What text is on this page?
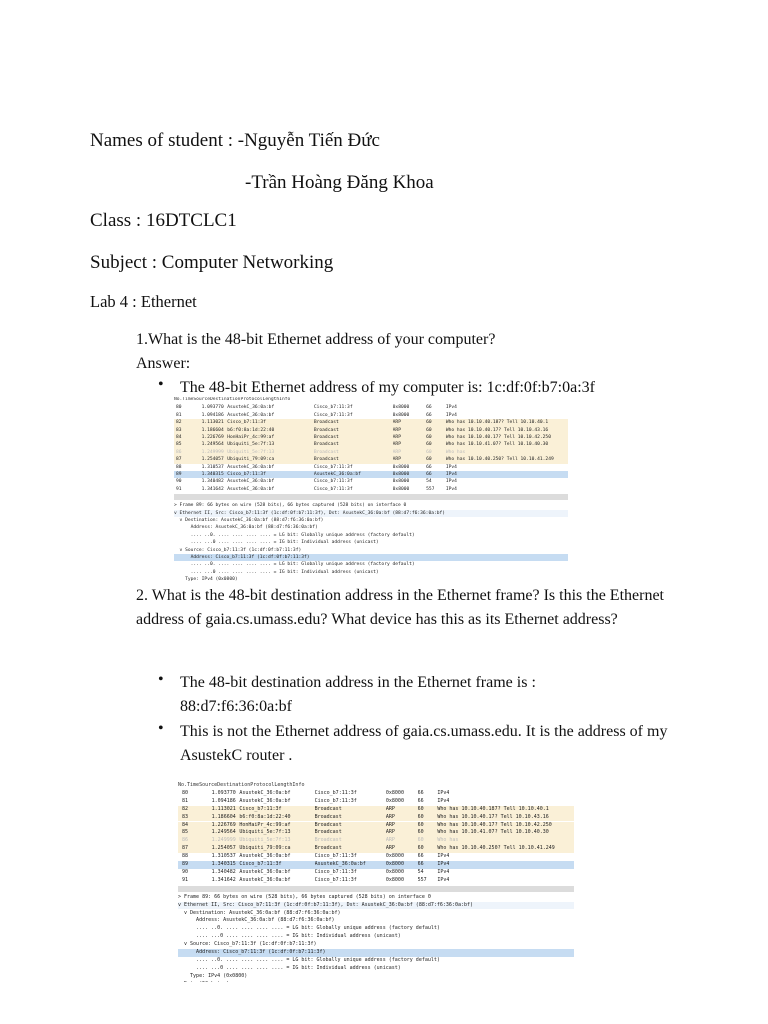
Names of student : -Nguyễn Tiến Đức
-Trần Hoàng Đăng Khoa
Class : 16DTCLC1
Subject : Computer Networking
Lab 4 : Ethernet
1.What is the 48-bit Ethernet address of your computer?
Answer:
• The 48-bit Ethernet address of my computer is: 1c:df:0f:b7:0a:3f
No.TimeSourceDestinationProtocolLengthInfo
80	1.093770 AsustekC_36:0a:bf	Cisco_b7:11:3f	0x8000	66	IPv4
81	1.094186 AsustekC_36:0a:bf	Cisco_b7:11:3f	0x8000	66	IPv4
82	1.113021 Cisco_b7:11:3f	Broadcast	ARP	60	Who has 10.10.40.187? Tell 10.10.40.1
83	1.186604 b6:f0:8a:1d:22:40	Broadcast	ARP	60	Who has 10.10.40.17? Tell 10.10.43.16
84	1.226769 HonHaiPr_4c:99:af	Broadcast	ARP	60	Who has 10.10.40.17? Tell 10.10.42.250
85	1.249564 Ubiquiti_5e:7f:13	Broadcast	ARP	60	Who has 10.10.41.07? Tell 10.10.40.30
86	1.249999 Ubiquiti_5e:7f:13	Broadcast	ARP	60	Who has
87	1.254057 Ubiquiti_79:09:ca	Broadcast	ARP	60	Who has 10.10.40.250? Tell 10.10.41.249
88	1.310537 AsustekC_36:0a:bf	Cisco_b7:11:3f	0x8000	66	IPv4
89	1.340315 Cisco_b7:11:3f	AsustekC_36:0a:bf	0x8000	66	IPv4
90	1.340482 AsustekC_36:0a:bf	Cisco_b7:11:3f	0x8000	54	IPv4
91	1.341642 AsustekC_36:0a:bf	Cisco_b7:11:3f	0x8000	557 IPv4
> Frame 89: 66 bytes on wire (528 bits), 66 bytes captured (528 bits) on interface 0
v Ethernet II, Src: Cisco_b7:11:3f (1c:df:0f:b7:11:3f), Dst: AsustekC_36:0a:bf (88:d7:f6:36:0a:bf)
v Destination: AsustekC_36:0a:bf (88:d7:f6:36:0a:bf)
Address: AsustekC_36:0a:bf (88:d7:f6:36:0a:bf)
.... ..0. .... .... .... .... = LG bit: Globally unique address (factory default)
.... ...0 .... .... .... .... = IG bit: Individual address (unicast)
v Source: Cisco_b7:11:3f (1c:df:0f:b7:11:3f)
Address: Cisco_b7:11:3f (1c:df:0f:b7:11:3f)
.... ..0. .... .... .... .... = LG bit: Globally unique address (factory default)
.... ...0 .... .... .... .... = IG bit: Individual address (unicast)
Type: IPv4 (0x0800)
2. What is the 48-bit destination address in the Ethernet frame? Is this the Ethernet address of gaia.cs.umass.edu? What device has this as its Ethernet address?
• The 48-bit destination address in the Ethernet frame is : 88:d7:f6:36:0a:bf
• This is not the Ethernet address of gaia.cs.umass.edu. It is the address of my AsustekC router .
No.TimeSourceDestinationProtocolLengthInfo
80	1.093770 AsustekC_36:0a:bf	Cisco_b7:11:3f	0x8000	66	IPv4
81	1.094186 AsustekC_36:0a:bf	Cisco_b7:11:3f	0x8000	66	IPv4
82	1.113021 Cisco_b7:11:3f	Broadcast	ARP	60	Who has 10.10.40.187? Tell 10.10.40.1
83	1.186604 b6:f0:8a:1d:22:40	Broadcast	ARP	60	Who has 10.10.40.17? Tell 10.10.43.16
84	1.226769 HonHaiPr_4c:99:af	Broadcast	ARP	60	Who has 10.10.40.17? Tell 10.10.42.250
85	1.249564 Ubiquiti_5e:7f:13	Broadcast	ARP	60	Who has 10.10.41.07? Tell 10.10.40.30
86	1.249999 Ubiquiti_5e:7f:13	Broadcast	ARP	60	Who has
87	1.254057 Ubiquiti_79:09:ca	Broadcast	ARP	60	Who has 10.10.40.250? Tell 10.10.41.249
88	1.310537 AsustekC_36:0a:bf	Cisco_b7:11:3f	0x8000	66	IPv4
89	1.340315 Cisco_b7:11:3f	AsustekC_36:0a:bf	0x8000	66	IPv4
90	1.340482 AsustekC_36:0a:bf	Cisco_b7:11:3f	0x8000	54	IPv4
91	1.341642 AsustekC_36:0a:bf	Cisco_b7:11:3f	0x8000	557 IPv4
> Frame 89: 66 bytes on wire (528 bits), 66 bytes captured (528 bits) on interface 0
v Ethernet II, Src: Cisco_b7:11:3f (1c:df:0f:b7:11:3f), Dst: AsustekC_36:0a:bf (88:d7:f6:36:0a:bf)
v Destination: AsustekC_36:0a:bf (88:d7:f6:36:0a:bf)
Address: AsustekC_36:0a:bf (88:d7:f6:36:0a:bf)
.... ..0. .... .... .... .... = LG bit: Globally unique address (factory default)
.... ...0 .... .... .... .... = IG bit: Individual address (unicast)
v Source: Cisco_b7:11:3f (1c:df:0f:b7:11:3f)
Address: Cisco_b7:11:3f (1c:df:0f:b7:11:3f)
.... ..0. .... .... .... .... = LG bit: Globally unique address (factory default)
.... ...0 .... .... .... .... = IG bit: Individual address (unicast)
Type: IPv4 (0x0800)
